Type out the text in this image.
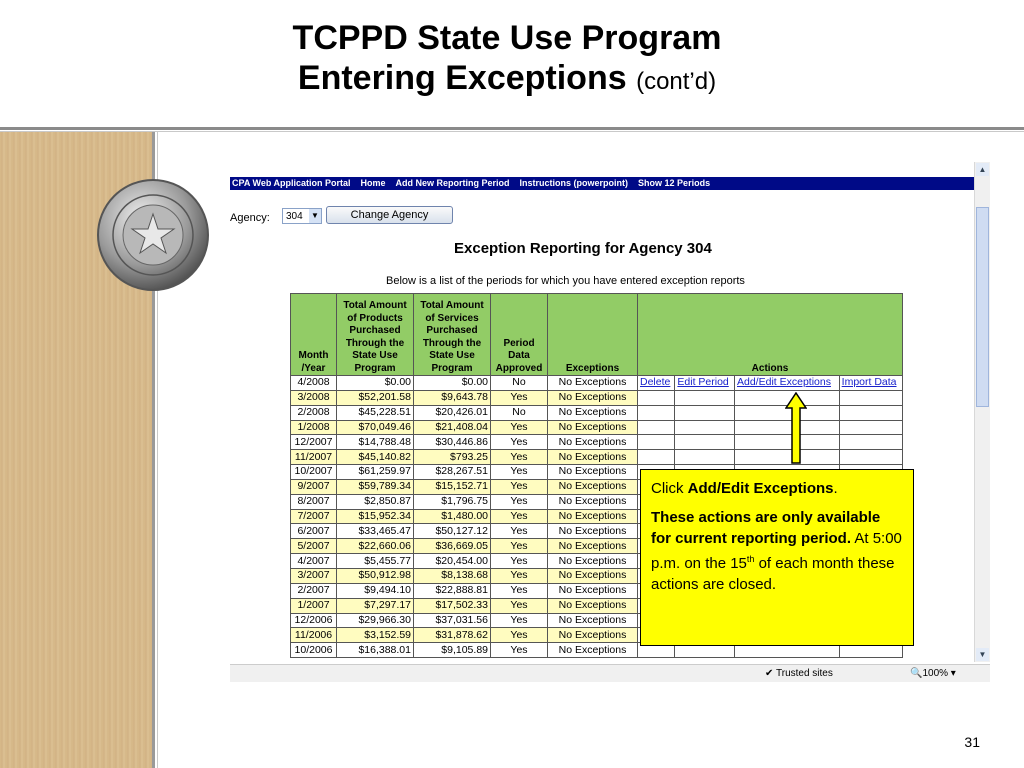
TCPPD State Use Program
Entering Exceptions (cont’d)
31
CPA Web Application Portal Home Add New Reporting Period Instructions (powerpoint) Show 12 Periods
Agency:	304 ▼	Change Agency
Exception Reporting for Agency 304
Below is a list of the periods for which you have entered exception reports
Month /Year	Total Amount of Products Purchased Through the State Use Program	Total Amount of Services Purchased Through the State Use Program	Period Data Approved	Exceptions	Actions			
4/2008	$0.00	$0.00	No	No Exceptions	Delete	Edit Period	Add/Edit Exceptions	Import Data
3/2008	$52,201.58	$9,643.78	Yes	No Exceptions				
2/2008	$45,228.51	$20,426.01	No	No Exceptions				
1/2008	$70,049.46	$21,408.04	Yes	No Exceptions				
12/2007	$14,788.48	$30,446.86	Yes	No Exceptions				
11/2007	$45,140.82	$793.25	Yes	No Exceptions				
10/2007	$61,259.97	$28,267.51	Yes	No Exceptions				
9/2007	$59,789.34	$15,152.71	Yes	No Exceptions				
8/2007	$2,850.87	$1,796.75	Yes	No Exceptions				
7/2007	$15,952.34	$1,480.00	Yes	No Exceptions				
6/2007	$33,465.47	$50,127.12	Yes	No Exceptions				
5/2007	$22,660.06	$36,669.05	Yes	No Exceptions				
4/2007	$5,455.77	$20,454.00	Yes	No Exceptions				
3/2007	$50,912.98	$8,138.68	Yes	No Exceptions				
2/2007	$9,494.10	$22,888.81	Yes	No Exceptions				
1/2007	$7,297.17	$17,502.33	Yes	No Exceptions				
12/2006	$29,966.30	$37,031.56	Yes	No Exceptions				
11/2006	$3,152.59	$31,878.62	Yes	No Exceptions				
10/2006	$16,388.01	$9,105.89	Yes	No Exceptions				
▲
▼
✔ Trusted sites	🔍100% ▾

Click Add/Edit Exceptions.

These actions are only available for current reporting period. At 5:00 p.m. on the 15th of each month these actions are closed.
